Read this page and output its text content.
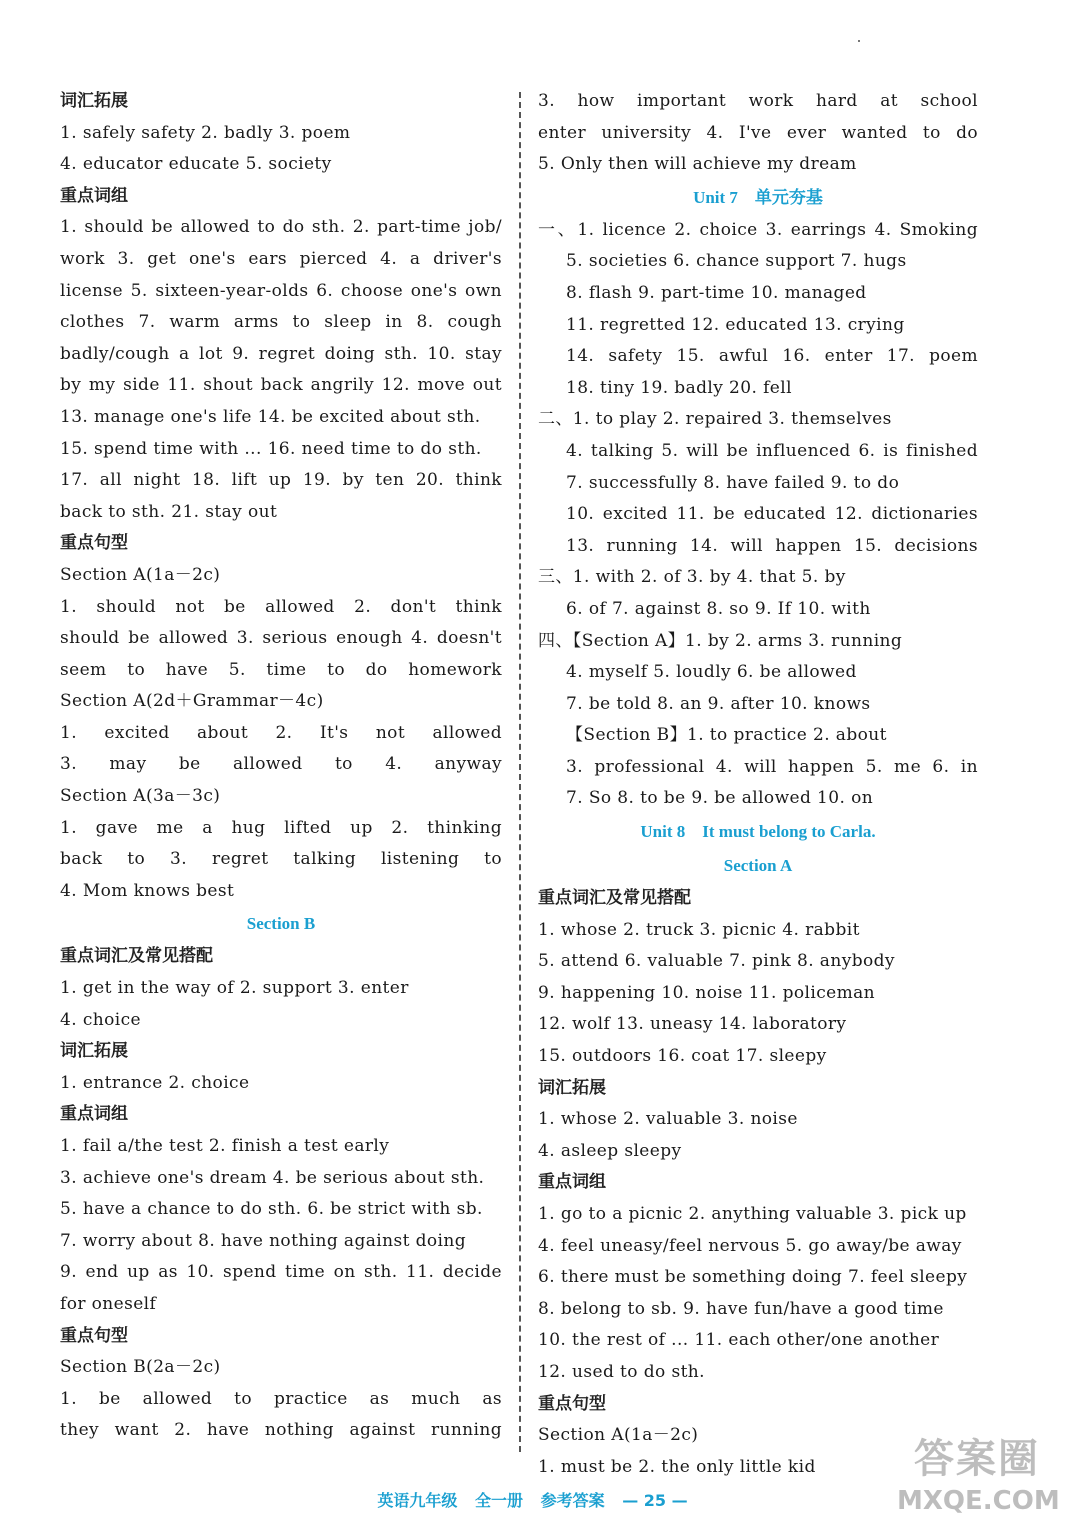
词汇拓展
1. safely safety 2. badly 3. poem
4. educator educate 5. society
重点词组
1. should be allowed to do sth. 2. part-time job/
work 3. get one's ears pierced 4. a driver's
license 5. sixteen-year-olds 6. choose one's own
clothes 7. warm arms to sleep in 8. cough
badly/cough a lot 9. regret doing sth. 10. stay
by my side 11. shout back angrily 12. move out
13. manage one's life 14. be excited about sth.
15. spend time with ... 16. need time to do sth.
17. all night 18. lift up 19. by ten 20. think
back to sth. 21. stay out
重点句型
Section A(1a－2c)
1. should not be allowed 2. don't think
should be allowed 3. serious enough 4. doesn't
seem to have 5. time to do homework
Section A(2d＋Grammar－4c)
1. excited about 2. It's not allowed
3. may be allowed to 4. anyway
Section A(3a－3c)
1. gave me a hug lifted up 2. thinking
back to 3. regret talking listening to
4. Mom knows best
Section B
重点词汇及常见搭配
1. get in the way of 2. support 3. enter
4. choice
词汇拓展
1. entrance 2. choice
重点词组
1. fail a/the test 2. finish a test early
3. achieve one's dream 4. be serious about sth.
5. have a chance to do sth. 6. be strict with sb.
7. worry about 8. have nothing against doing
9. end up as 10. spend time on sth. 11. decide
for oneself
重点句型
Section B(2a－2c)
1. be allowed to practice as much as
they want 2. have nothing against running
3. how important work hard at school
enter university 4. I've ever wanted to do
5. Only then will achieve my dream
Unit 7　单元夯基
一、1. licence 2. choice 3. earrings 4. Smoking
5. societies 6. chance support 7. hugs
8. flash 9. part-time 10. managed
11. regretted 12. educated 13. crying
14. safety 15. awful 16. enter 17. poem
18. tiny 19. badly 20. fell
二、1. to play 2. repaired 3. themselves
4. talking 5. will be influenced 6. is finished
7. successfully 8. have failed 9. to do
10. excited 11. be educated 12. dictionaries
13. running 14. will happen 15. decisions
三、1. with 2. of 3. by 4. that 5. by
6. of 7. against 8. so 9. If 10. with
四、【Section A】1. by 2. arms 3. running
4. myself 5. loudly 6. be allowed
7. be told 8. an 9. after 10. knows
【Section B】1. to practice 2. about
3. professional 4. will happen 5. me 6. in
7. So 8. to be 9. be allowed 10. on
Unit 8　It must belong to Carla.
Section A
重点词汇及常见搭配
1. whose 2. truck 3. picnic 4. rabbit
5. attend 6. valuable 7. pink 8. anybody
9. happening 10. noise 11. policeman
12. wolf 13. uneasy 14. laboratory
15. outdoors 16. coat 17. sleepy
词汇拓展
1. whose 2. valuable 3. noise
4. asleep sleepy
重点词组
1. go to a picnic 2. anything valuable 3. pick up
4. feel uneasy/feel nervous 5. go away/be away
6. there must be something doing 7. feel sleepy
8. belong to sb. 9. have fun/have a good time
10. the rest of ... 11. each other/one another
12. used to do sth.
重点句型
Section A(1a－2c)
1. must be 2. the only little kid
英语九年级 全一册 参考答案 — 25 —
答案圈
MXQE.COM
